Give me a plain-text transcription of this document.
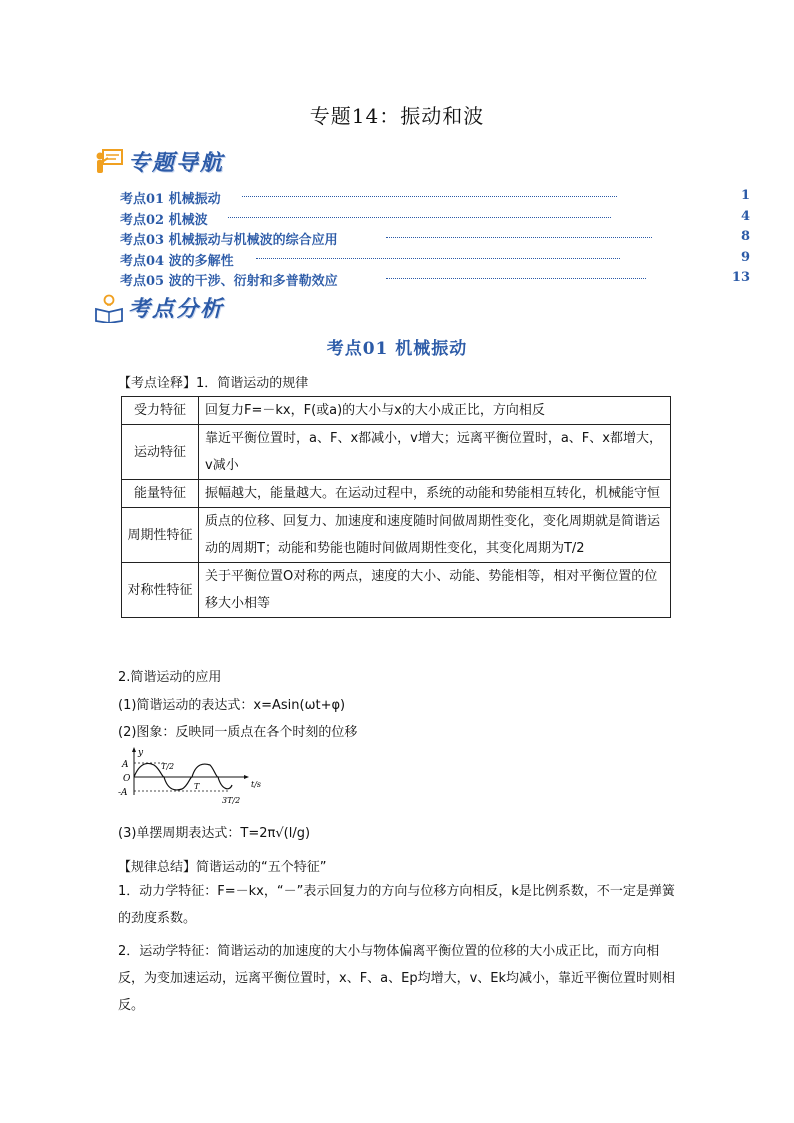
专题14：振动和波
专题导航
考点01 机械振动	1
考点02 机械波	4
考点03 机械振动与机械波的综合应用	8
考点04 波的多解性	9
考点05 波的干涉、衍射和多普勒效应	13
考点分析
考点01 机械振动
【考点诠释】1．简谐运动的规律
受力特征	回复力F=－kx，F(或a)的大小与x的大小成正比，方向相反
运动特征	靠近平衡位置时，a、F、x都减小，v增大；远离平衡位置时，a、F、x都增大，v减小
能量特征	振幅越大，能量越大。在运动过程中，系统的动能和势能相互转化，机械能守恒
周期性特征	质点的位移、回复力、加速度和速度随时间做周期性变化，变化周期就是简谐运动的周期T；动能和势能也随时间做周期性变化，其变化周期为T/2
对称性特征	关于平衡位置O对称的两点，速度的大小、动能、势能相等，相对平衡位置的位移大小相等
2.简谐运动的应用
(1)简谐运动的表达式：x=Asin(ωt+φ)
(2)图象：反映同一质点在各个时刻的位移
y
A
O
-A
T/2
T
3T/2
t/s
(3)单摆周期表达式：T=2π√(l/g)
【规律总结】简谐运动的“五个特征”
1．动力学特征：F=－kx，“－”表示回复力的方向与位移方向相反，k是比例系数，不一定是弹簧的劲度系数。
2．运动学特征：简谐运动的加速度的大小与物体偏离平衡位置的位移的大小成正比，而方向相反，为变加速运动，远离平衡位置时，x、F、a、Ep均增大，v、Ek均减小，靠近平衡位置时则相反。
